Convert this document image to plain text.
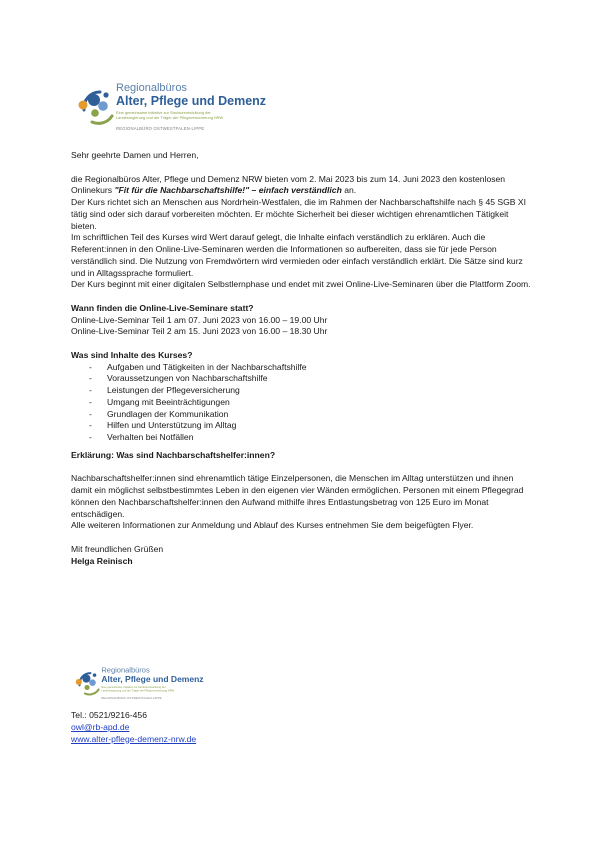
Regionalbüros
Alter, Pflege und Demenz
Eine gemeinsame Initiative zur Strukturentwicklung der
Landesregierung und der Träger der Pflegeversicherung NRW
REGIONALBÜRO OSTWESTFALEN-LIPPE

Sehr geehrte Damen und Herren,

die Regionalbüros Alter, Pflege und Demenz NRW bieten vom 2. Mai 2023 bis zum 14. Juni 2023 den kostenlosen Onlinekurs "Fit für die Nachbarschaftshilfe!" – einfach verständlich an.

Der Kurs richtet sich an Menschen aus Nordrhein-Westfalen, die im Rahmen der Nachbarschaftshilfe nach § 45 SGB XI tätig sind oder sich darauf vorbereiten möchten. Er möchte Sicherheit bei dieser wichtigen ehrenamtlichen Tätigkeit bieten.

Im schriftlichen Teil des Kurses wird Wert darauf gelegt, die Inhalte einfach verständlich zu erklären. Auch die Referent:innen in den Online-Live-Seminaren werden die Informationen so aufbereiten, dass sie für jede Person verständlich sind. Die Nutzung von Fremdwörtern wird vermieden oder einfach verständlich erklärt. Die Sätze sind kurz und in Alltagssprache formuliert.

Der Kurs beginnt mit einer digitalen Selbstlernphase und endet mit zwei Online-Live-Seminaren über die Plattform Zoom.

Wann finden die Online-Live-Seminare statt?

Online-Live-Seminar Teil 1 am 07. Juni 2023 von 16.00 – 19.00 Uhr

Online-Live-Seminar Teil 2 am 15. Juni 2023 von 16.00 – 18.30 Uhr

Was sind Inhalte des Kurses?

- Aufgaben und Tätigkeiten in der Nachbarschaftshilfe
- Voraussetzungen von Nachbarschaftshilfe
- Leistungen der Pflegeversicherung
- Umgang mit Beeinträchtigungen
- Grundlagen der Kommunikation
- Hilfen und Unterstützung im Alltag
- Verhalten bei Notfällen

Erklärung: Was sind Nachbarschaftshelfer:innen?

Nachbarschaftshelfer:innen sind ehrenamtlich tätige Einzelpersonen, die Menschen im Alltag unterstützen und ihnen damit ein möglichst selbstbestimmtes Leben in den eigenen vier Wänden ermöglichen. Personen mit einem Pflegegrad können den Nachbarschaftshelfer:innen den Aufwand mithilfe ihres Entlastungsbetrag von 125 Euro im Monat entschädigen.

Alle weiteren Informationen zur Anmeldung und Ablauf des Kurses entnehmen Sie dem beigefügten Flyer.

Mit freundlichen Grüßen

Helga Reinisch

Regionalbüros
Alter, Pflege und Demenz
Eine gemeinsame Initiative zur Strukturentwicklung der
Landesregierung und der Träger der Pflegeversicherung NRW
REGIONALBÜRO OSTWESTFALEN-LIPPE

Tel.: 0521/9216-456

owl@rb-apd.de

www.alter-pflege-demenz-nrw.de
